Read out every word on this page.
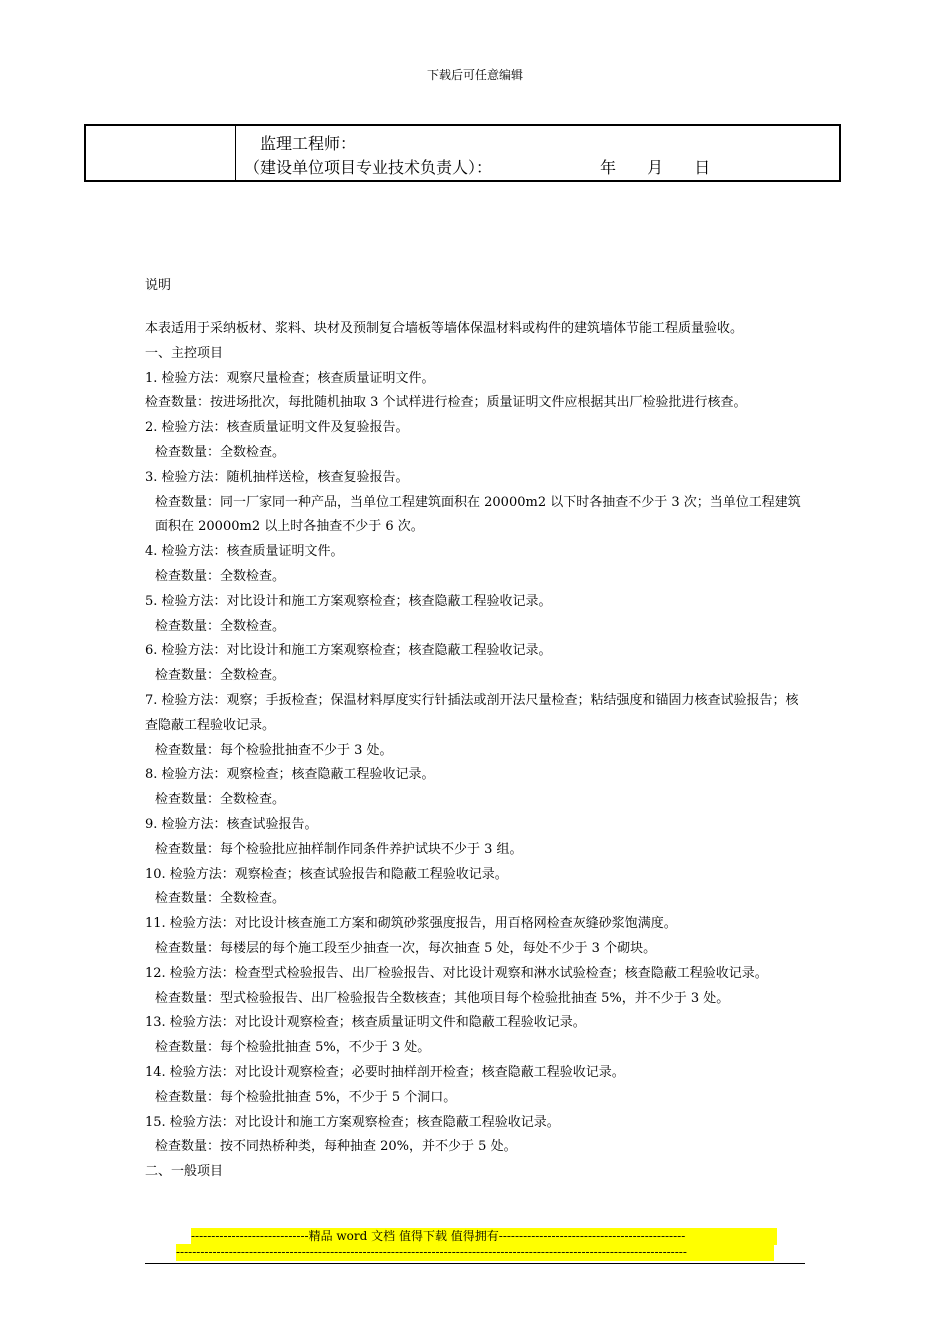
下载后可任意编辑
监理工程师：
（建设单位项目专业技术负责人）：	年 月 日
说明

本表适用于采纳板材、浆料、块材及预制复合墙板等墙体保温材料或构件的建筑墙体节能工程质量验收。

一、主控项目

1. 检验方法：观察尺量检查；核查质量证明文件。

检查数量：按进场批次，每批随机抽取 3 个试样进行检查；质量证明文件应根据其出厂检验批进行核查。

2. 检验方法：核查质量证明文件及复验报告。

检查数量：全数检查。

3. 检验方法：随机抽样送检，核查复验报告。

检查数量：同一厂家同一种产品，当单位工程建筑面积在 20000m2 以下时各抽查不少于 3 次；当单位工程建筑面积在 20000m2 以上时各抽查不少于 6 次。

4. 检验方法：核查质量证明文件。

检查数量：全数检查。

5. 检验方法：对比设计和施工方案观察检查；核查隐蔽工程验收记录。

检查数量：全数检查。

6. 检验方法：对比设计和施工方案观察检查；核查隐蔽工程验收记录。

检查数量：全数检查。

7. 检验方法：观察；手扳检查；保温材料厚度实行针插法或剖开法尺量检查；粘结强度和锚固力核查试验报告；核查隐蔽工程验收记录。

检查数量：每个检验批抽查不少于 3 处。

8. 检验方法：观察检查；核查隐蔽工程验收记录。

检查数量：全数检查。

9. 检验方法：核查试验报告。

检查数量：每个检验批应抽样制作同条件养护试块不少于 3 组。

10. 检验方法：观察检查；核查试验报告和隐蔽工程验收记录。

检查数量：全数检查。

11. 检验方法：对比设计核查施工方案和砌筑砂浆强度报告，用百格网检查灰缝砂浆饱满度。

检查数量：每楼层的每个施工段至少抽查一次，每次抽查 5 处，每处不少于 3 个砌块。

12. 检验方法：检查型式检验报告、出厂检验报告、对比设计观察和淋水试验检查；核查隐蔽工程验收记录。

检查数量：型式检验报告、出厂检验报告全数核查；其他项目每个检验批抽查 5%，并不少于 3 处。

13. 检验方法：对比设计观察检查；核查质量证明文件和隐蔽工程验收记录。

检查数量：每个检验批抽查 5%，不少于 3 处。

14. 检验方法：对比设计观察检查；必要时抽样剖开检查；核查隐蔽工程验收记录。

检查数量：每个检验批抽查 5%，不少于 5 个洞口。

15. 检验方法：对比设计和施工方案观察检查；核查隐蔽工程验收记录。

检查数量：按不同热桥种类，每种抽查 20%，并不少于 5 处。

二、一般项目

-----------------------------精品 word 文档 值得下载 值得拥有----------------------------------------------
------------------------------------------------------------------------------------------------------------------------------
